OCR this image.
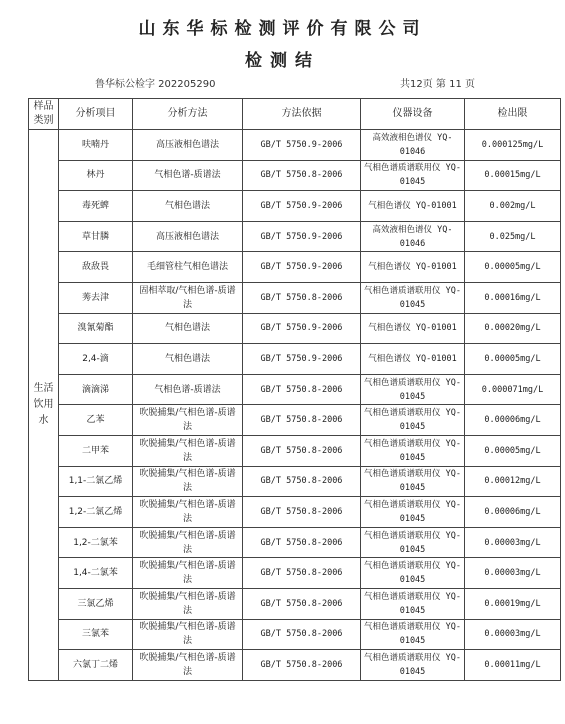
山东华标检测评价有限公司
检测结
鲁华标公检字 202205290	共12页 第 11 页
样品类别	分析项目	分析方法	方法依据	仪器设备	检出限
生活饮用水	呋喃丹	高压液相色谱法	GB/T 5750.9-2006	高效液相色谱仪 YQ-01046	0.000125mg/L
	林丹	气相色谱-质谱法	GB/T 5750.8-2006	气相色谱质谱联用仪 YQ-01045	0.00015mg/L
	毒死蜱	气相色谱法	GB/T 5750.9-2006	气相色谱仪 YQ-01001	0.002mg/L
	草甘膦	高压液相色谱法	GB/T 5750.9-2006	高效液相色谱仪 YQ-01046	0.025mg/L
	敌敌畏	毛细管柱气相色谱法	GB/T 5750.9-2006	气相色谱仪 YQ-01001	0.00005mg/L
	莠去津	固相萃取/气相色谱-质谱法	GB/T 5750.8-2006	气相色谱质谱联用仪 YQ-01045	0.00016mg/L
	溴氰菊酯	气相色谱法	GB/T 5750.9-2006	气相色谱仪 YQ-01001	0.00020mg/L
	2,4-滴	气相色谱法	GB/T 5750.9-2006	气相色谱仪 YQ-01001	0.00005mg/L
	滴滴涕	气相色谱-质谱法	GB/T 5750.8-2006	气相色谱质谱联用仪 YQ-01045	0.000071mg/L
	乙苯	吹脱捕集/气相色谱-质谱法	GB/T 5750.8-2006	气相色谱质谱联用仪 YQ-01045	0.00006mg/L
	二甲苯	吹脱捕集/气相色谱-质谱法	GB/T 5750.8-2006	气相色谱质谱联用仪 YQ-01045	0.00005mg/L
	1,1-二氯乙烯	吹脱捕集/气相色谱-质谱法	GB/T 5750.8-2006	气相色谱质谱联用仪 YQ-01045	0.00012mg/L
	1,2-二氯乙烯	吹脱捕集/气相色谱-质谱法	GB/T 5750.8-2006	气相色谱质谱联用仪 YQ-01045	0.00006mg/L
	1,2-二氯苯	吹脱捕集/气相色谱-质谱法	GB/T 5750.8-2006	气相色谱质谱联用仪 YQ-01045	0.00003mg/L
	1,4-二氯苯	吹脱捕集/气相色谱-质谱法	GB/T 5750.8-2006	气相色谱质谱联用仪 YQ-01045	0.00003mg/L
	三氯乙烯	吹脱捕集/气相色谱-质谱法	GB/T 5750.8-2006	气相色谱质谱联用仪 YQ-01045	0.00019mg/L
	三氯苯	吹脱捕集/气相色谱-质谱法	GB/T 5750.8-2006	气相色谱质谱联用仪 YQ-01045	0.00003mg/L
	六氯丁二烯	吹脱捕集/气相色谱-质谱法	GB/T 5750.8-2006	气相色谱质谱联用仪 YQ-01045	0.00011mg/L
